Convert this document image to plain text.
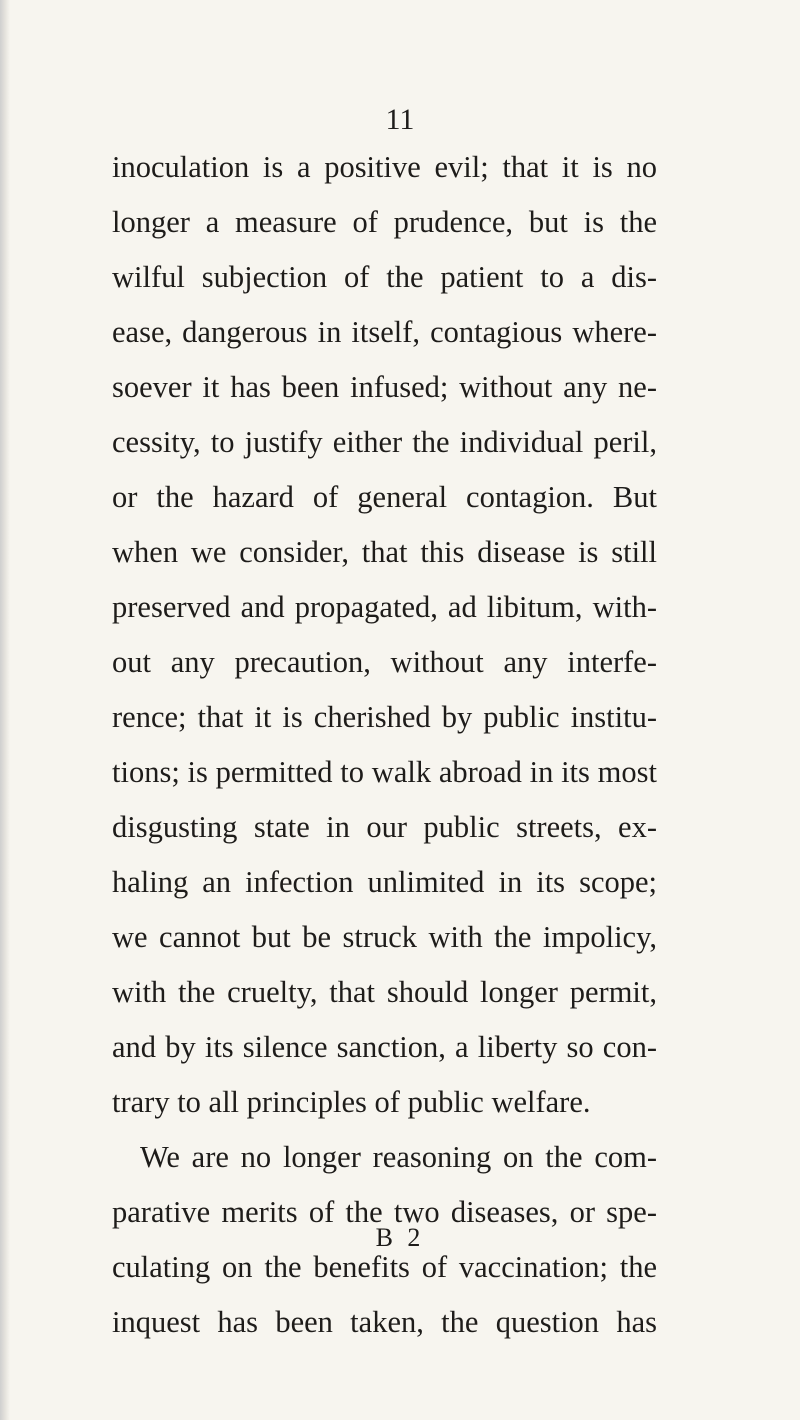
11
inoculation is a positive evil; that it is no
longer a measure of prudence, but is the
wilful subjection of the patient to a dis-
ease, dangerous in itself, contagious where-
soever it has been infused; without any ne-
cessity, to justify either the individual peril,
or the hazard of general contagion. But
when we consider, that this disease is still
preserved and propagated, ad libitum, with-
out any precaution, without any interfe-
rence; that it is cherished by public institu-
tions; is permitted to walk abroad in its most
disgusting state in our public streets, ex-
haling an infection unlimited in its scope;
we cannot but be struck with the impolicy,
with the cruelty, that should longer permit,
and by its silence sanction, a liberty so con-
trary to all principles of public welfare.
We are no longer reasoning on the com-
parative merits of the two diseases, or spe-
culating on the benefits of vaccination; the
inquest has been taken, the question has
B 2
